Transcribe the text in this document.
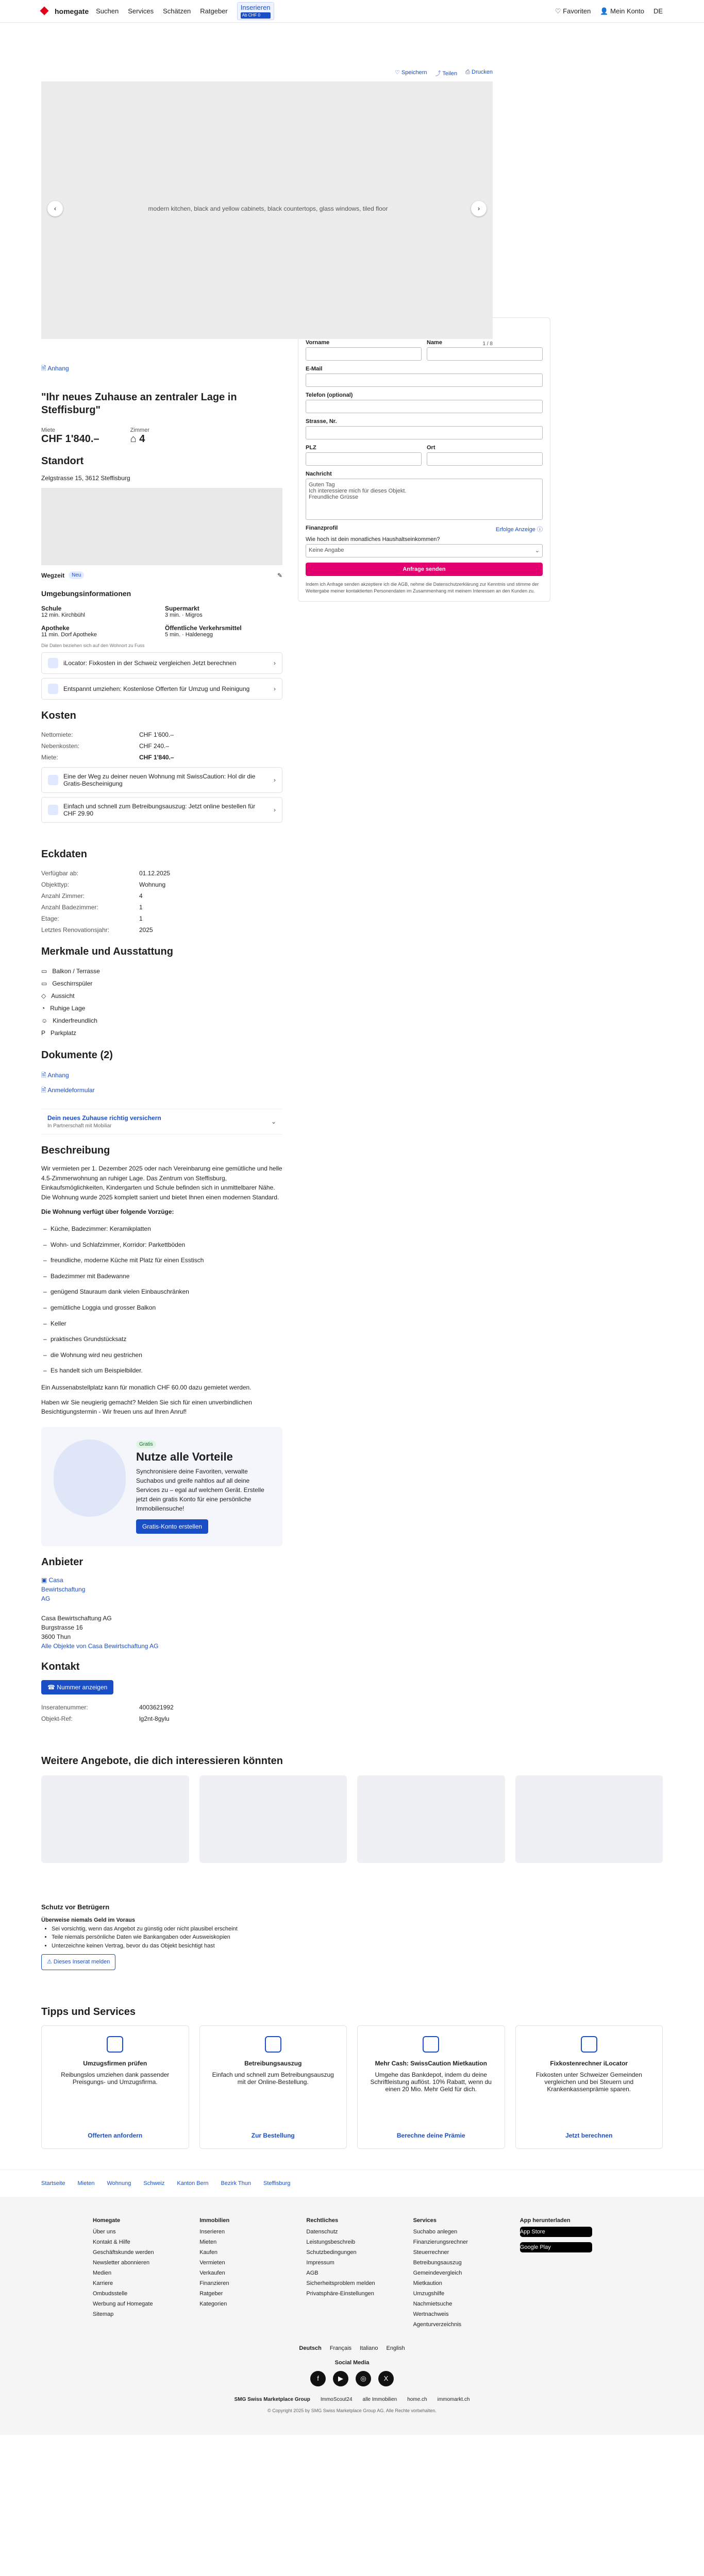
homegate Suchen Services Schätzen Ratgeber	Inserieren
Ab CHF 0
♡ Favoriten 👤 Mein Konto DE
♡ Speichern ⤴ Teilen ⎙ Drucken
‹	modern kitchen, black and yellow cabinets, black countertops, glass windows, tiled floor	›
1 / 8
🖹 Anhang
"Ihr neues Zuhause an zentraler Lage in Steffisburg"
Miete
CHF 1'840.–
Zimmer
⌂ 4
Standort
Zelgstrasse 15, 3612 Steffisburg
Wegzeit	Neu	✎
Umgebungsinformationen
Schule
12 min. Kirchbühl
Supermarkt
3 min. · Migros
Apotheke
11 min. Dorf Apotheke
Öffentliche Verkehrsmittel
5 min. · Haldenegg
Die Daten beziehen sich auf den Wohnort zu Fuss
iLocator: Fixkosten in der Schweiz vergleichen Jetzt berechnen	›
Entspannt umziehen: Kostenlose Offerten für Umzug und Reinigung	›
Kosten
Nettomiete:	CHF 1'600.–
Nebenkosten:	CHF 240.–
Miete:	CHF 1'840.–
Eine der Weg zu deiner neuen Wohnung mit SwissCaution: Hol dir die Gratis-Bescheinigung	›
Einfach und schnell zum Betreibungsauszug: Jetzt online bestellen für CHF 29.90	›
Eckdaten
Verfügbar ab:	01.12.2025
Objekttyp:	Wohnung
Anzahl Zimmer:	4
Anzahl Badezimmer:	1
Etage:	1
Letztes Renovationsjahr:	2025
Merkmale und Ausstattung
▭ Balkon / Terrasse
▭ Geschirrspüler
◇ Aussicht
◔ Ruhige Lage
☺ Kinderfreundlich
P Parkplatz
Dokumente (2)
🖹 Anhang
🖹 Anmeldeformular
Dein neues Zuhause richtig versichern
In Partnerschaft mit Mobiliar
⌄
Beschreibung

Wir vermieten per 1. Dezember 2025 oder nach Vereinbarung eine gemütliche und helle 4.5-Zimmerwohnung an ruhiger Lage. Das Zentrum von Steffisburg, Einkaufsmöglichkeiten, Kindergarten und Schule befinden sich in unmittelbarer Nähe. Die Wohnung wurde 2025 komplett saniert und bietet Ihnen einen modernen Standard.

Die Wohnung verfügt über folgende Vorzüge:

– Küche, Badezimmer: Keramikplatten
– Wohn- und Schlafzimmer, Korridor: Parkettböden
– freundliche, moderne Küche mit Platz für einen Esstisch
– Badezimmer mit Badewanne
– genügend Stauraum dank vielen Einbauschränken
– gemütliche Loggia und grosser Balkon
– Keller
– praktisches Grundstücksatz
– die Wohnung wird neu gestrichen
– Es handelt sich um Beispielbilder.

Ein Aussenabstellplatz kann für monatlich CHF 60.00 dazu gemietet werden.

Haben wir Sie neugierig gemacht? Melden Sie sich für einen unverbindlichen Besichtigungstermin - Wir freuen uns auf Ihren Anruf!

Gratis
Nutze alle Vorteile

Synchronisiere deine Favoriten, verwalte Suchabos und greife nahtlos auf all deine Services zu – egal auf welchem Gerät. Erstelle jetzt dein gratis Konto für eine persönliche Immobiliensuche!

Gratis-Konto erstellen
Anbieter
▣ Casa Bewirtschaftung AG
Casa Bewirtschaftung AG
Burgstrasse 16
3600 Thun
Alle Objekte von Casa Bewirtschaftung AG
Kontakt
☎ Nummer anzeigen
Inseratenummer:	4003621992
Objekt-Ref:	lg2nt-8gylu
Vorname	Name
E-Mail
Telefon (optional)
Strasse, Nr.
PLZ	Ort
Nachricht
Guten Tag
Ich interessiere mich für dieses Objekt.
Freundliche Grüsse
Finanzprofil	Erfolge Anzeige ⓘ
Wie hoch ist dein monatliches Haushaltseinkommen?
Keine Angabe	⌄
Anfrage senden
Indem ich Anfrage senden akzeptiere ich die AGB, nehme die Datenschutzerklärung zur Kenntnis und stimme der Weitergabe meiner kontaktierten Personendaten im Zusammenhang mit meinem Interessen an den Kunden zu.
Weitere Angebote, die dich interessieren könnten
Schutz vor Betrügern
Überweise niemals Geld im Voraus
• Sei vorsichtig, wenn das Angebot zu günstig oder nicht plausibel erscheint
• Teile niemals persönliche Daten wie Bankangaben oder Ausweiskopien
• Unterzeichne keinen Vertrag, bevor du das Objekt besichtigt hast
⚠ Dieses Inserat melden
Tipps und Services
Umzugsfirmen prüfen
Reibungslos umziehen dank passender Preisgungs- und Umzugsfirma.
Offerten anfordern
Betreibungsauszug
Einfach und schnell zum Betreibungsauszug mit der Online-Bestellung.
Zur Bestellung
Mehr Cash: SwissCaution Mietkaution
Umgehe das Bankdepot, indem du deine Schriftleistung auflöst. 10% Rabatt, wenn du einen 20 Mio. Mehr Geld für dich.
Berechne deine Prämie
Fixkostenrechner iLocator
Fixkosten unter Schweizer Gemeinden vergleichen und bei Steuern und Krankenkassenprämie sparen.
Jetzt berechnen
Startseite Mieten Wohnung Schweiz Kanton Bern Bezirk Thun Steffisburg
Homegate
Über uns
Kontakt & Hilfe
Geschäftskunde werden
Newsletter abonnieren
Medien
Karriere
Ombudsstelle
Werbung auf Homegate
Sitemap
Immobilien
Inserieren
Mieten
Kaufen
Vermieten
Verkaufen
Finanzieren
Ratgeber
Kategorien
Rechtliches
Datenschutz
Leistungsbeschreib
Schutzbedingungen
Impressum
AGB
Sicherheitsproblem melden
Privatsphäre-Einstellungen
Services
Suchabo anlegen
Finanzierungsrechner
Steuerrechner
Betreibungsauszug
Gemeindevergleich
Mietkaution
Umzugshilfe
Nachmietsuche
Wertnachweis
Agenturverzeichnis
App herunterladen
App Store
Google Play
Deutsch Français Italiano English
Social Media
f	▶	◎	X
SMG Swiss Marketplace Group ImmoScout24 alle Immobilien home.ch immomarkt.ch
© Copyright 2025 by SMG Swiss Marketplace Group AG. Alle Rechte vorbehalten.
